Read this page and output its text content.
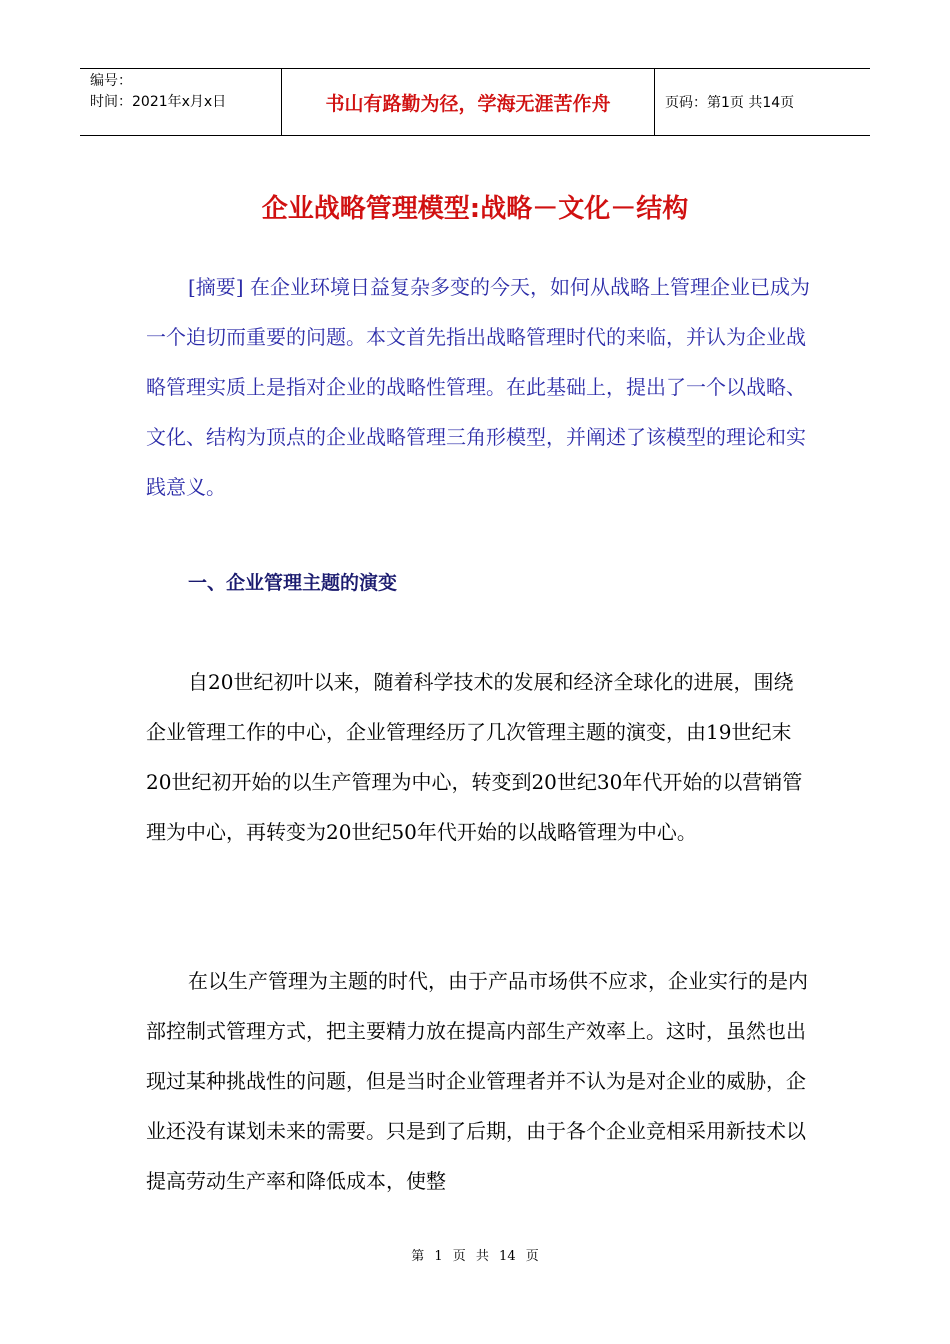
编号：
时间：2021年x月x日	书山有路勤为径，学海无涯苦作舟	页码：第1页 共14页
企业战略管理模型:战略－文化－结构

[摘要] 在企业环境日益复杂多变的今天，如何从战略上管理企业已成为一个迫切而重要的问题。本文首先指出战略管理时代的来临，并认为企业战略管理实质上是指对企业的战略性管理。在此基础上，提出了一个以战略、文化、结构为顶点的企业战略管理三角形模型，并阐述了该模型的理论和实践意义。

一、企业管理主题的演变

自20世纪初叶以来，随着科学技术的发展和经济全球化的进展，围绕企业管理工作的中心，企业管理经历了几次管理主题的演变，由19世纪末20世纪初开始的以生产管理为中心，转变到20世纪30年代开始的以营销管理为中心，再转变为20世纪50年代开始的以战略管理为中心。

在以生产管理为主题的时代，由于产品市场供不应求，企业实行的是内部控制式管理方式，把主要精力放在提高内部生产效率上。这时，虽然也出现过某种挑战性的问题，但是当时企业管理者并不认为是对企业的威胁，企业还没有谋划未来的需要。只是到了后期，由于各个企业竞相采用新技术以提高劳动生产率和降低成本，使整

第 1 页 共 14 页
